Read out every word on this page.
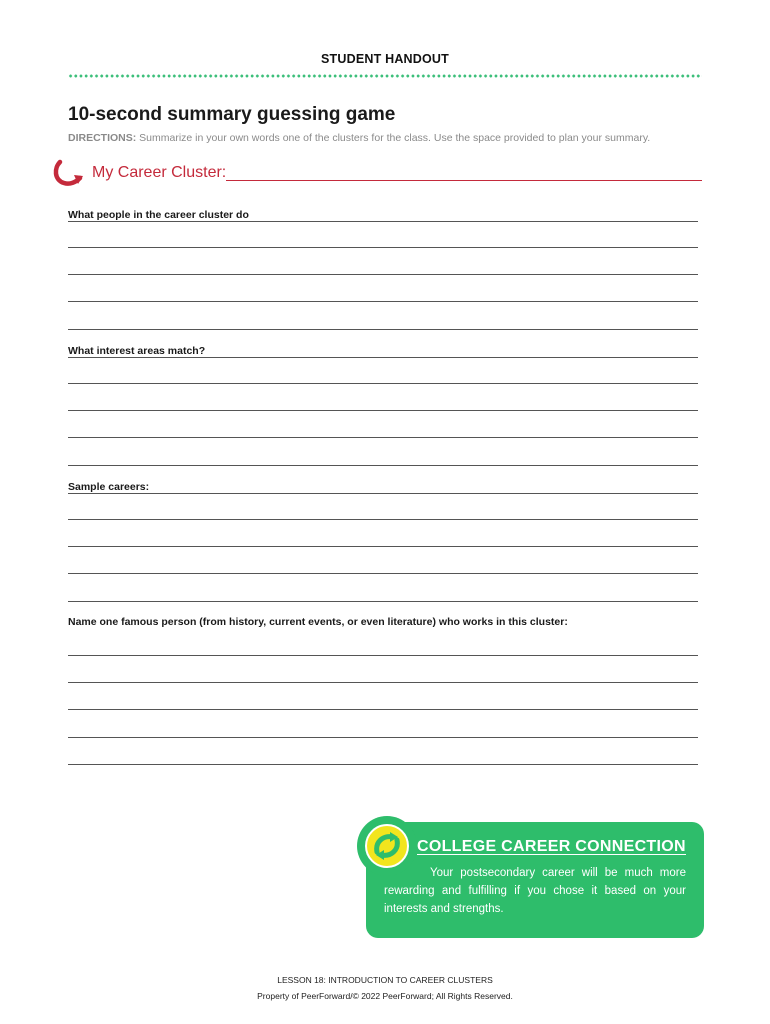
STUDENT HANDOUT
10-second summary guessing game
DIRECTIONS: Summarize in your own words one of the clusters for the class. Use the space provided to plan your summary.
My Career Cluster:
What people in the career cluster do
What interest areas match?
Sample careers:
Name one famous person (from history, current events, or even literature) who works in this cluster:
COLLEGE CAREER CONNECTION
Your postsecondary career will be much more rewarding and fulfilling if you chose it based on your interests and strengths.
LESSON 18: INTRODUCTION TO CAREER CLUSTERS
Property of PeerForward/© 2022 PeerForward; All Rights Reserved.
